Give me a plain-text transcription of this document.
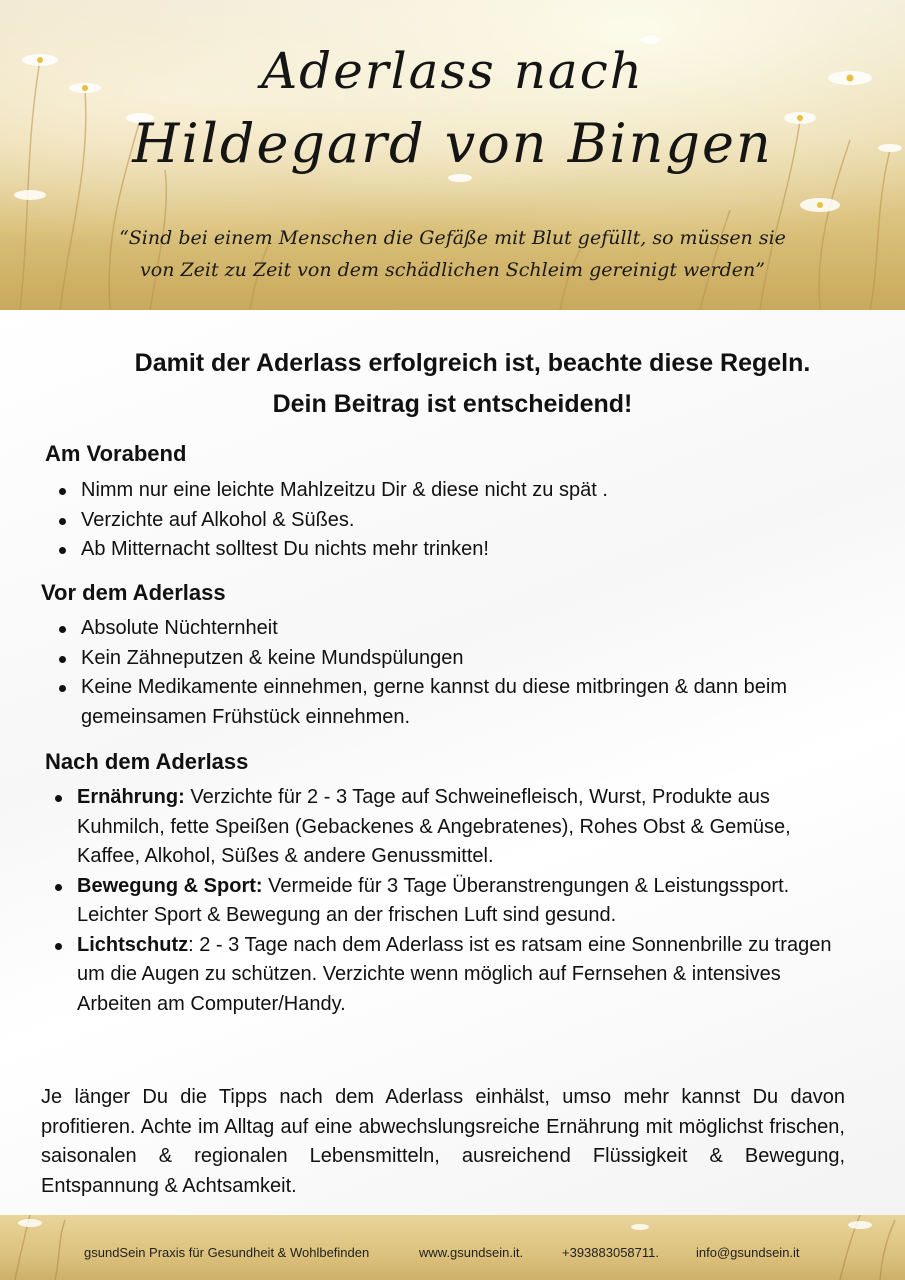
Aderlass nach
Hildegard von Bingen
“Sind bei einem Menschen die Gefäße mit Blut gefüllt, so müssen sie
von Zeit zu Zeit von dem schädlichen Schleim gereinigt werden”
Damit der Aderlass erfolgreich ist, beachte diese Regeln.
Dein Beitrag ist entscheidend!
Am Vorabend
Nimm nur eine leichte Mahlzeitzu Dir & diese nicht zu spät .
Verzichte auf Alkohol & Süßes.
Ab Mitternacht solltest Du nichts mehr trinken!
Vor dem Aderlass
Absolute Nüchternheit
Kein Zähneputzen & keine Mundspülungen
Keine Medikamente einnehmen, gerne kannst du diese mitbringen & dann beim gemeinsamen Frühstück einnehmen.
Nach dem Aderlass
Ernährung: Verzichte für 2 - 3 Tage auf Schweinefleisch, Wurst, Produkte aus Kuhmilch, fette Speißen (Gebackenes & Angebratenes), Rohes Obst & Gemüse, Kaffee, Alkohol, Süßes & andere Genussmittel.
Bewegung & Sport: Vermeide für 3 Tage Überanstrengungen & Leistungssport. Leichter Sport & Bewegung an der frischen Luft sind gesund.
Lichtschutz: 2 - 3 Tage nach dem Aderlass ist es ratsam eine Sonnenbrille zu tragen um die Augen zu schützen. Verzichte wenn möglich auf Fernsehen & intensives Arbeiten am Computer/Handy.

Je länger Du die Tipps nach dem Aderlass einhälst, umso mehr kannst Du davon profitieren. Achte im Alltag auf eine abwechslungsreiche Ernährung mit möglichst frischen, saisonalen & regionalen Lebensmitteln, ausreichend Flüssigkeit & Bewegung, Entspannung & Achtsamkeit.

gsundSein Praxis für Gesundheit & Wohlbefinden	www.gsundsein.it.	+393883058711.	info@gsundsein.it
